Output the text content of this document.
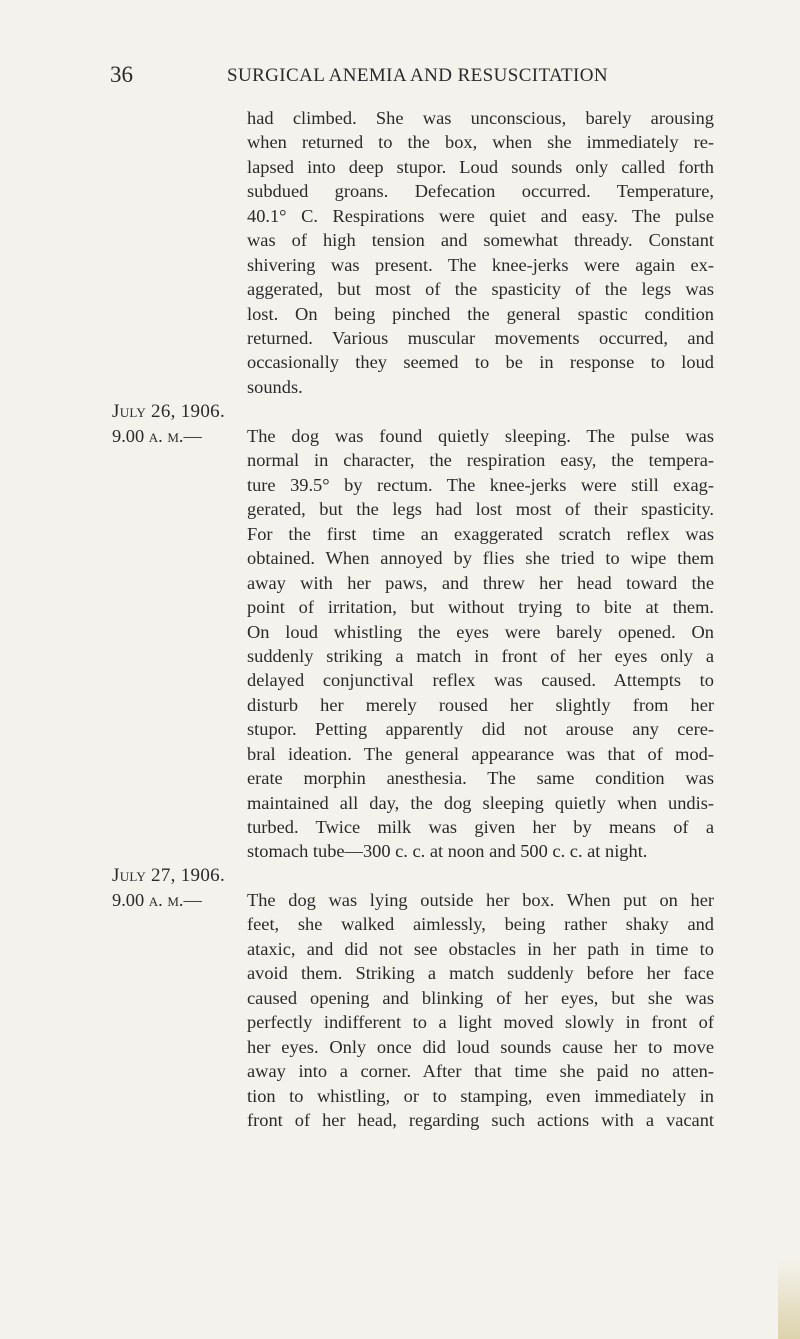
36	SURGICAL ANEMIA AND RESUSCITATION
had climbed. She was unconscious, barely arousing
when returned to the box, when she immediately re-
lapsed into deep stupor. Loud sounds only called forth
subdued groans. Defecation occurred. Temperature,
40.1° C. Respirations were quiet and easy. The pulse
was of high tension and somewhat thready. Constant
shivering was present. The knee-jerks were again ex-
aggerated, but most of the spasticity of the legs was
lost. On being pinched the general spastic condition
returned. Various muscular movements occurred, and
occasionally they seemed to be in response to loud
sounds.
July 26, 1906.
9.00 a. m.— The dog was found quietly sleeping. The pulse was
normal in character, the respiration easy, the tempera-
ture 39.5° by rectum. The knee-jerks were still exag-
gerated, but the legs had lost most of their spasticity.
For the first time an exaggerated scratch reflex was
obtained. When annoyed by flies she tried to wipe them
away with her paws, and threw her head toward the
point of irritation, but without trying to bite at them.
On loud whistling the eyes were barely opened. On
suddenly striking a match in front of her eyes only a
delayed conjunctival reflex was caused. Attempts to
disturb her merely roused her slightly from her
stupor. Petting apparently did not arouse any cere-
bral ideation. The general appearance was that of mod-
erate morphin anesthesia. The same condition was
maintained all day, the dog sleeping quietly when undis-
turbed. Twice milk was given her by means of a
stomach tube—300 c. c. at noon and 500 c. c. at night.
July 27, 1906.
9.00 a. m.— The dog was lying outside her box. When put on her
feet, she walked aimlessly, being rather shaky and
ataxic, and did not see obstacles in her path in time to
avoid them. Striking a match suddenly before her face
caused opening and blinking of her eyes, but she was
perfectly indifferent to a light moved slowly in front of
her eyes. Only once did loud sounds cause her to move
away into a corner. After that time she paid no atten-
tion to whistling, or to stamping, even immediately in
front of her head, regarding such actions with a vacant
